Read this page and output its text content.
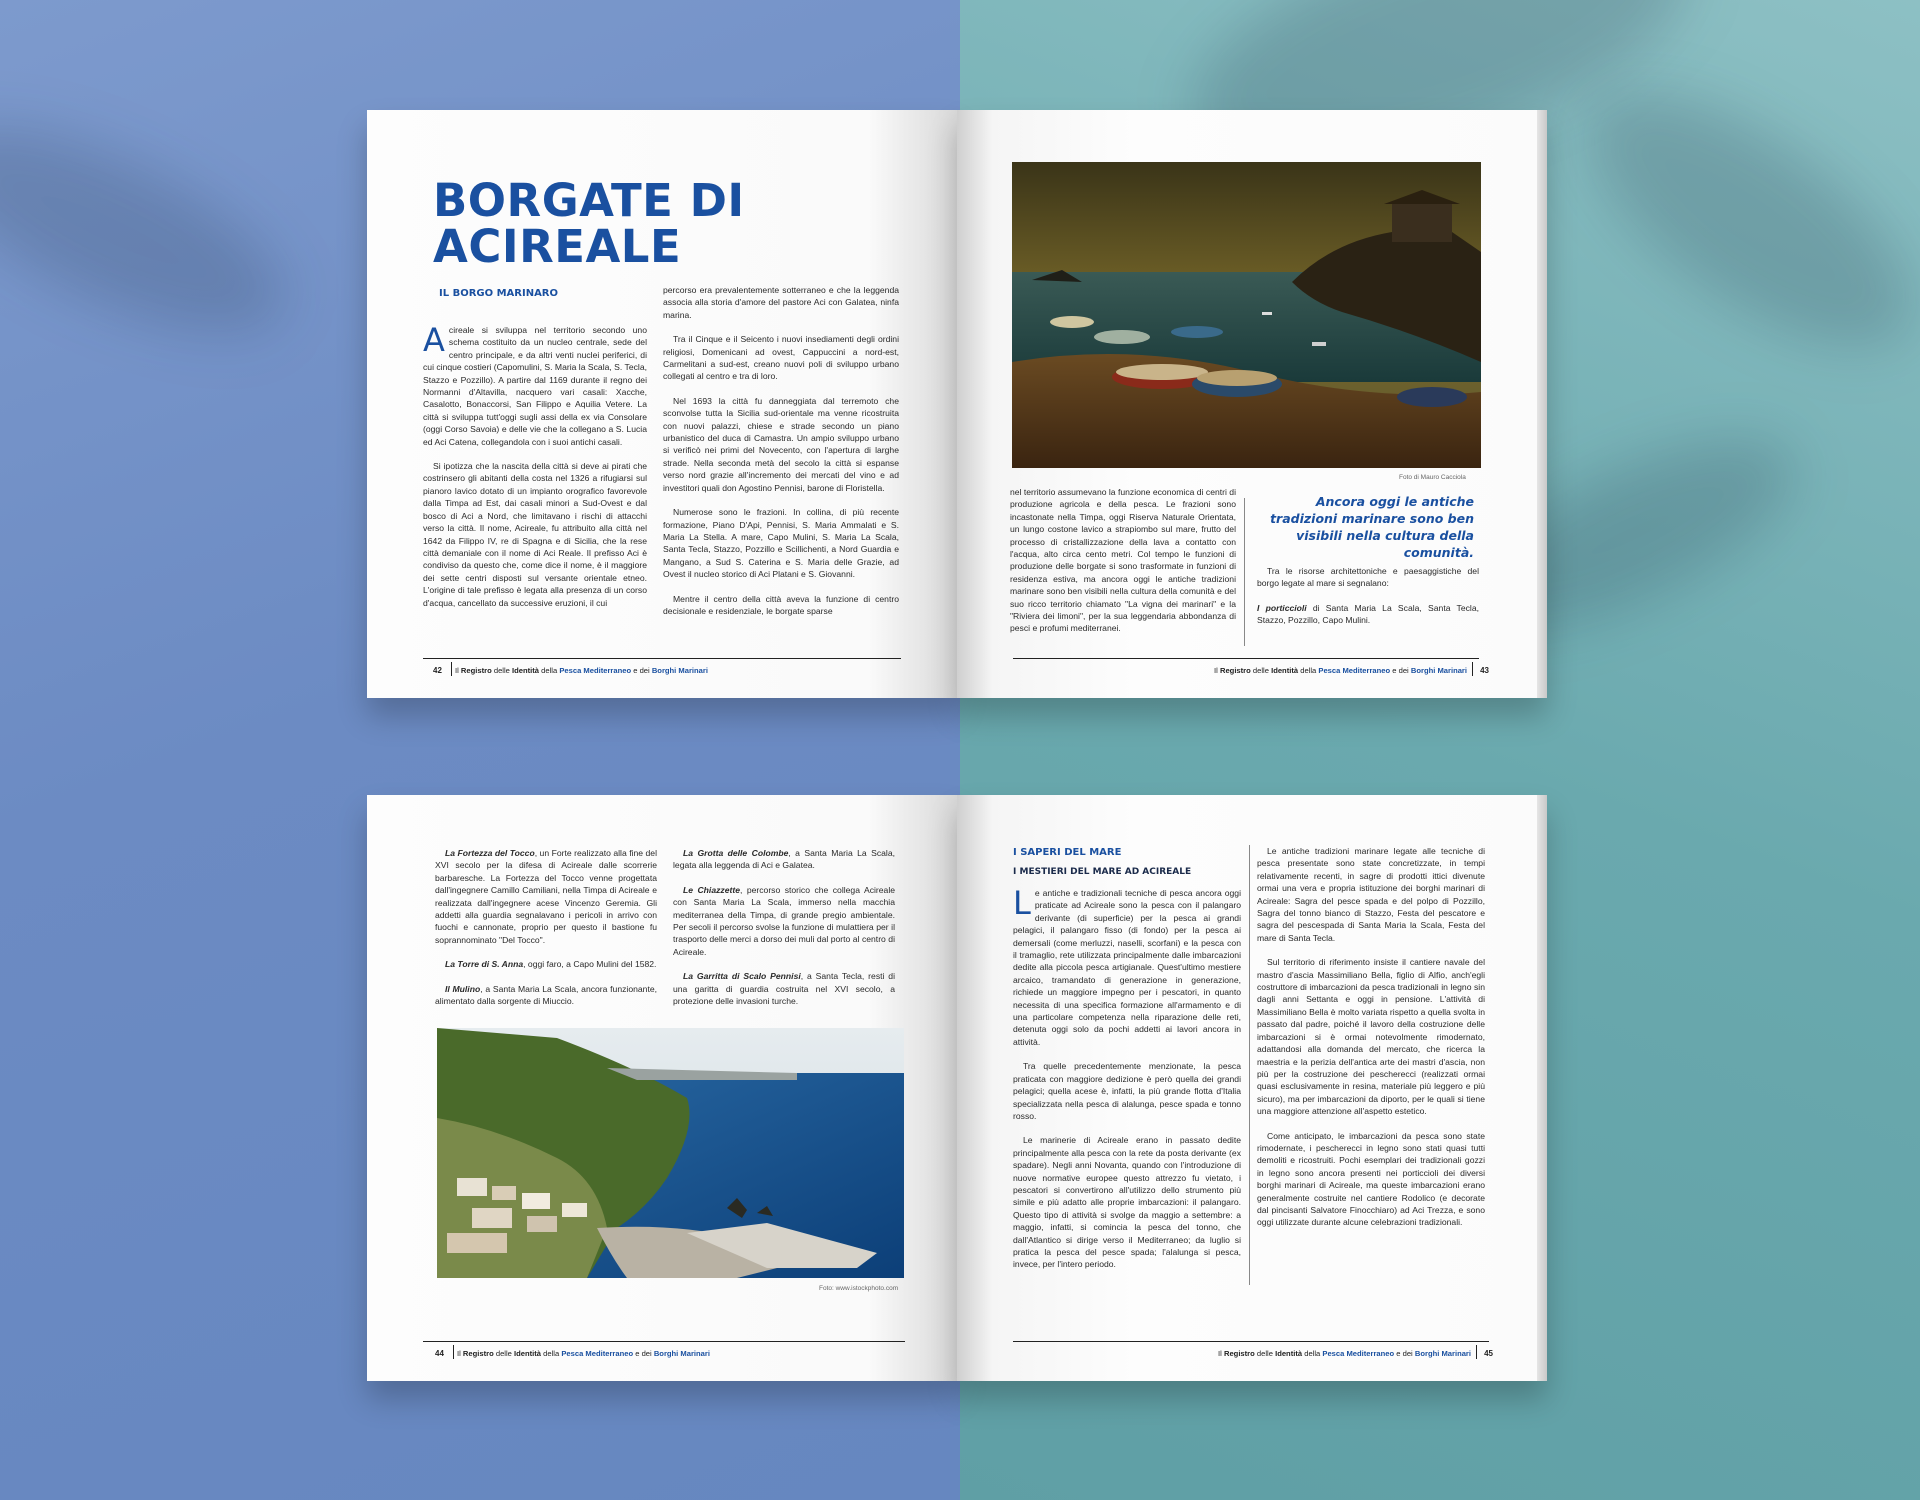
BORGATE DI
ACIREALE
IL BORGO MARINARO

Acireale si sviluppa nel territorio secondo uno schema costituito da un nucleo centrale, sede del centro principale, e da altri venti nuclei periferici, di cui cinque costieri (Capomulini, S. Maria la Scala, S. Tecla, Stazzo e Pozzillo). A partire dal 1169 durante il regno dei Normanni d'Altavilla, nacquero vari casali: Xacche, Casalotto, Bonaccorsi, San Filippo e Aquilia Vetere. La città si sviluppa tutt'oggi sugli assi della ex via Consolare (oggi Corso Savoia) e delle vie che la collegano a S. Lucia ed Aci Catena, collegandola con i suoi antichi casali.

Si ipotizza che la nascita della città si deve ai pirati che costrinsero gli abitanti della costa nel 1326 a rifugiarsi sul pianoro lavico dotato di un impianto orografico favorevole dalla Timpa ad Est, dai casali minori a Sud-Ovest e dal bosco di Aci a Nord, che limitavano i rischi di attacchi verso la città. Il nome, Acireale, fu attribuito alla città nel 1642 da Filippo IV, re di Spagna e di Sicilia, che la rese città demaniale con il nome di Aci Reale. Il prefisso Aci è condiviso da questo che, come dice il nome, è il maggiore dei sette centri disposti sul versante orientale etneo. L'origine di tale prefisso è legata alla presenza di un corso d'acqua, cancellato da successive eruzioni, il cui

percorso era prevalentemente sotterraneo e che la leggenda associa alla storia d'amore del pastore Aci con Galatea, ninfa marina.

Tra il Cinque e il Seicento i nuovi insediamenti degli ordini religiosi, Domenicani ad ovest, Cappuccini a nord-est, Carmelitani a sud-est, creano nuovi poli di sviluppo urbano collegati al centro e tra di loro.

Nel 1693 la città fu danneggiata dal terremoto che sconvolse tutta la Sicilia sud-orientale ma venne ricostruita con nuovi palazzi, chiese e strade secondo un piano urbanistico del duca di Camastra. Un ampio sviluppo urbano si verificò nei primi del Novecento, con l'apertura di larghe strade. Nella seconda metà del secolo la città si espanse verso nord grazie all'incremento dei mercati del vino e ad investitori quali don Agostino Pennisi, barone di Floristella.

Numerose sono le frazioni. In collina, di più recente formazione, Piano D'Api, Pennisi, S. Maria Ammalati e S. Maria La Stella. A mare, Capo Mulini, S. Maria La Scala, Santa Tecla, Stazzo, Pozzillo e Scillichenti, a Nord Guardia e Mangano, a Sud S. Caterina e S. Maria delle Grazie, ad Ovest il nucleo storico di Aci Platani e S. Giovanni.

Mentre il centro della città aveva la funzione di centro decisionale e residenziale, le borgate sparse

42 Il Registro delle Identità della Pesca Mediterraneo e dei Borghi Marinari
Foto di Mauro Cacciola

nel territorio assumevano la funzione economica di centri di produzione agricola e della pesca. Le frazioni sono incastonate nella Timpa, oggi Riserva Naturale Orientata, un lungo costone lavico a strapiombo sul mare, frutto del processo di cristallizzazione della lava a contatto con l'acqua, alto circa cento metri. Col tempo le funzioni di produzione delle borgate si sono trasformate in funzioni di residenza estiva, ma ancora oggi le antiche tradizioni marinare sono ben visibili nella cultura della comunità e del suo ricco territorio chiamato "La vigna dei marinari" e la "Riviera dei limoni", per la sua leggendaria abbondanza di pesci e profumi mediterranei.

Ancora oggi le antiche tradizioni marinare sono ben visibili nella cultura della comunità.

Tra le risorse architettoniche e paesaggistiche del borgo legate al mare si segnalano:

I porticcioli di Santa Maria La Scala, Santa Tecla, Stazzo, Pozzillo, Capo Mulini.

Il Registro delle Identità della Pesca Mediterraneo e dei Borghi Marinari 43

La Fortezza del Tocco, un Forte realizzato alla fine del XVI secolo per la difesa di Acireale dalle scorrerie barbaresche. La Fortezza del Tocco venne progettata dall'ingegnere Camillo Camiliani, nella Timpa di Acireale e realizzata dall'ingegnere acese Vincenzo Geremia. Gli addetti alla guardia segnalavano i pericoli in arrivo con fuochi e cannonate, proprio per questo il bastione fu soprannominato "Del Tocco".

La Torre di S. Anna, oggi faro, a Capo Mulini del 1582.

Il Mulino, a Santa Maria La Scala, ancora funzionante, alimentato dalla sorgente di Miuccio.

La Grotta delle Colombe, a Santa Maria La Scala, legata alla leggenda di Aci e Galatea.

Le Chiazzette, percorso storico che collega Acireale con Santa Maria La Scala, immerso nella macchia mediterranea della Timpa, di grande pregio ambientale. Per secoli il percorso svolse la funzione di mulattiera per il trasporto delle merci a dorso dei muli dal porto al centro di Acireale.

La Garritta di Scalo Pennisi, a Santa Tecla, resti di una garitta di guardia costruita nel XVI secolo, a protezione delle invasioni turche.

Foto: www.istockphoto.com
44 Il Registro delle Identità della Pesca Mediterraneo e dei Borghi Marinari
I SAPERI DEL MARE
I MESTIERI DEL MARE AD ACIREALE

Le antiche e tradizionali tecniche di pesca ancora oggi praticate ad Acireale sono la pesca con il palangaro derivante (di superficie) per la pesca ai grandi pelagici, il palangaro fisso (di fondo) per la pesca ai demersali (come merluzzi, naselli, scorfani) e la pesca con il tramaglio, rete utilizzata principalmente dalle imbarcazioni dedite alla piccola pesca artigianale. Quest'ultimo mestiere arcaico, tramandato di generazione in generazione, richiede un maggiore impegno per i pescatori, in quanto necessita di una specifica formazione all'armamento e di una particolare competenza nella riparazione delle reti, detenuta oggi solo da pochi addetti ai lavori ancora in attività.

Tra quelle precedentemente menzionate, la pesca praticata con maggiore dedizione è però quella dei grandi pelagici; quella acese è, infatti, la più grande flotta d'Italia specializzata nella pesca di alalunga, pesce spada e tonno rosso.

Le marinerie di Acireale erano in passato dedite principalmente alla pesca con la rete da posta derivante (ex spadare). Negli anni Novanta, quando con l'introduzione di nuove normative europee questo attrezzo fu vietato, i pescatori si convertirono all'utilizzo dello strumento più simile e più adatto alle proprie imbarcazioni: il palangaro. Questo tipo di attività si svolge da maggio a settembre: a maggio, infatti, si comincia la pesca del tonno, che dall'Atlantico si dirige verso il Mediterraneo; da luglio si pratica la pesca del pesce spada; l'alalunga si pesca, invece, per l'intero periodo.

Le antiche tradizioni marinare legate alle tecniche di pesca presentate sono state concretizzate, in tempi relativamente recenti, in sagre di prodotti ittici divenute ormai una vera e propria istituzione dei borghi marinari di Acireale: Sagra del pesce spada e del polpo di Pozzillo, Sagra del tonno bianco di Stazzo, Festa del pescatore e sagra del pescespada di Santa Maria la Scala, Festa del mare di Santa Tecla.

Sul territorio di riferimento insiste il cantiere navale del mastro d'ascia Massimiliano Bella, figlio di Alfio, anch'egli costruttore di imbarcazioni da pesca tradizionali in legno sin dagli anni Settanta e oggi in pensione. L'attività di Massimiliano Bella è molto variata rispetto a quella svolta in passato dal padre, poiché il lavoro della costruzione delle imbarcazioni si è ormai notevolmente rimodernato, adattandosi alla domanda del mercato, che ricerca la maestria e la perizia dell'antica arte dei mastri d'ascia, non più per la costruzione dei pescherecci (realizzati ormai quasi esclusivamente in resina, materiale più leggero e più sicuro), ma per imbarcazioni da diporto, per le quali si tiene una maggiore attenzione all'aspetto estetico.

Come anticipato, le imbarcazioni da pesca sono state rimodernate, i pescherecci in legno sono stati quasi tutti demoliti e ricostruiti. Pochi esemplari dei tradizionali gozzi in legno sono ancora presenti nei porticcioli dei diversi borghi marinari di Acireale, ma queste imbarcazioni erano generalmente costruite nel cantiere Rodolico (e decorate dal pincisanti Salvatore Finocchiaro) ad Aci Trezza, e sono oggi utilizzate durante alcune celebrazioni tradizionali.

Il Registro delle Identità della Pesca Mediterraneo e dei Borghi Marinari 45
